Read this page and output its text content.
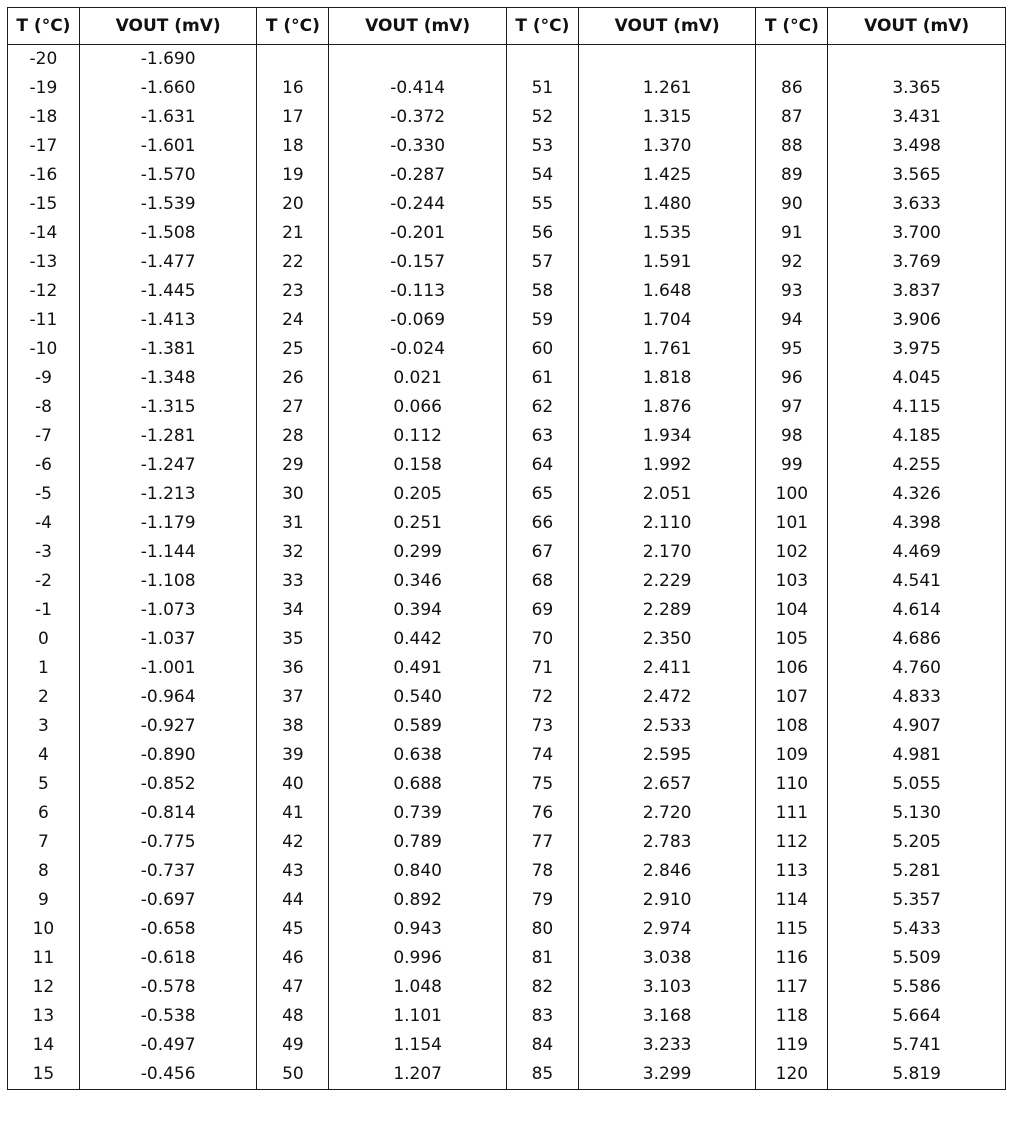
T (°C)	VOUT (mV)	T (°C)	VOUT (mV)	T (°C)	VOUT (mV)	T (°C)	VOUT (mV)
-20	-1.690						
-19	-1.660	16	-0.414	51	1.261	86	3.365
-18	-1.631	17	-0.372	52	1.315	87	3.431
-17	-1.601	18	-0.330	53	1.370	88	3.498
-16	-1.570	19	-0.287	54	1.425	89	3.565
-15	-1.539	20	-0.244	55	1.480	90	3.633
-14	-1.508	21	-0.201	56	1.535	91	3.700
-13	-1.477	22	-0.157	57	1.591	92	3.769
-12	-1.445	23	-0.113	58	1.648	93	3.837
-11	-1.413	24	-0.069	59	1.704	94	3.906
-10	-1.381	25	-0.024	60	1.761	95	3.975
-9	-1.348	26	0.021	61	1.818	96	4.045
-8	-1.315	27	0.066	62	1.876	97	4.115
-7	-1.281	28	0.112	63	1.934	98	4.185
-6	-1.247	29	0.158	64	1.992	99	4.255
-5	-1.213	30	0.205	65	2.051	100	4.326
-4	-1.179	31	0.251	66	2.110	101	4.398
-3	-1.144	32	0.299	67	2.170	102	4.469
-2	-1.108	33	0.346	68	2.229	103	4.541
-1	-1.073	34	0.394	69	2.289	104	4.614
0	-1.037	35	0.442	70	2.350	105	4.686
1	-1.001	36	0.491	71	2.411	106	4.760
2	-0.964	37	0.540	72	2.472	107	4.833
3	-0.927	38	0.589	73	2.533	108	4.907
4	-0.890	39	0.638	74	2.595	109	4.981
5	-0.852	40	0.688	75	2.657	110	5.055
6	-0.814	41	0.739	76	2.720	111	5.130
7	-0.775	42	0.789	77	2.783	112	5.205
8	-0.737	43	0.840	78	2.846	113	5.281
9	-0.697	44	0.892	79	2.910	114	5.357
10	-0.658	45	0.943	80	2.974	115	5.433
11	-0.618	46	0.996	81	3.038	116	5.509
12	-0.578	47	1.048	82	3.103	117	5.586
13	-0.538	48	1.101	83	3.168	118	5.664
14	-0.497	49	1.154	84	3.233	119	5.741
15	-0.456	50	1.207	85	3.299	120	5.819
